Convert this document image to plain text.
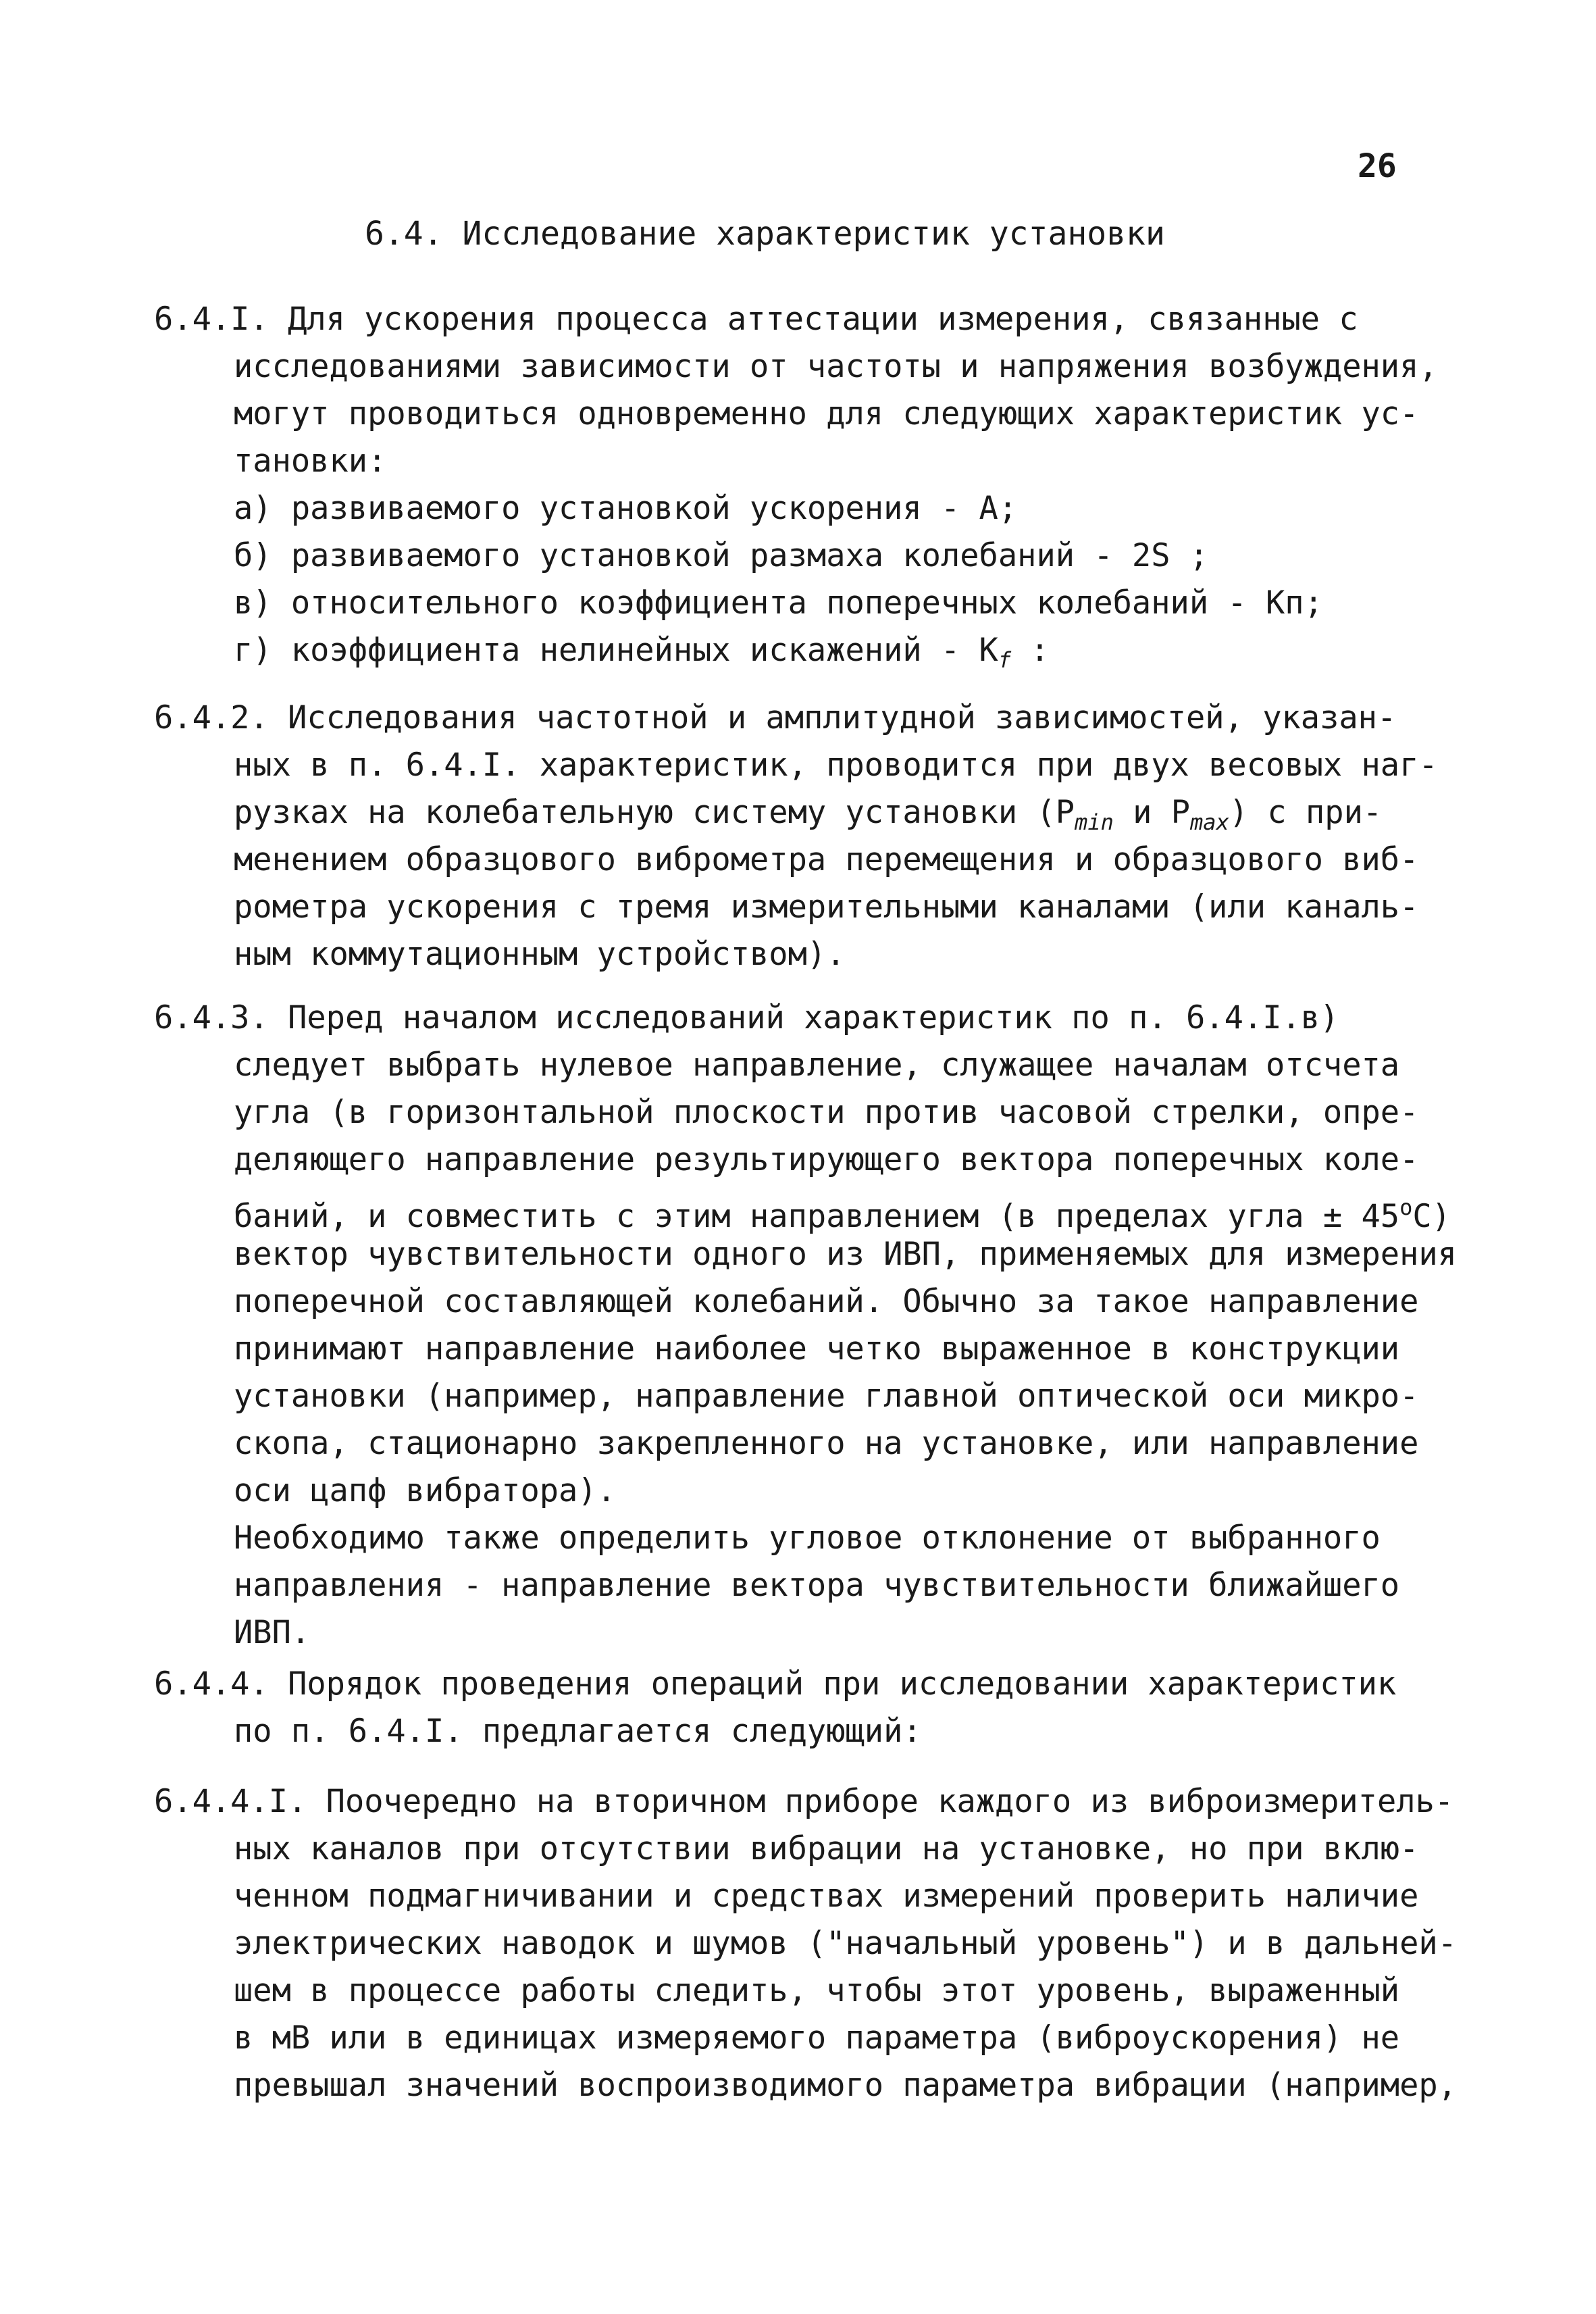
26
6.4. Исследование характеристик установки
6.4.I. Для ускорения процесса аттестации измерения, связанные с
исследованиями зависимости от частоты и напряжения возбуждения,
могут проводиться одновременно для следующих характеристик ус-
тановки:
а) развиваемого установкой ускорения - А;
б) развиваемого установкой размаха колебаний - 2S ;
в) относительного коэффициента поперечных колебаний - Кп;
г) коэффициента нелинейных искажений - $К_f$ :
6.4.2. Исследования частотной и амплитудной зависимостей, указан-
ных в п. 6.4.I. характеристик, проводится при двух весовых наг-
рузках на колебательную систему установки ($Р_{min}$ и $Р_{max}$) с при-
менением образцового виброметра перемещения и образцового виб-
рометра ускорения с тремя измерительными каналами (или каналь-
ным коммутационным устройством).
6.4.3. Перед началом исследований характеристик по п. 6.4.I.в)
следует выбрать нулевое направление, служащее началам отсчета
угла (в горизонтальной плоскости против часовой стрелки, опре-
деляющего направление результирующего вектора поперечных коле-
баний, и совместить с этим направлением (в пределах угла ± $45^оС$)
вектор чувствительности одного из ИВП, применяемых для измерения
поперечной составляющей колебаний. Обычно за такое направление
принимают направление наиболее четко выраженное в конструкции
установки (например, направление главной оптической оси микро-
скопа, стационарно закрепленного на установке, или направление
оси цапф вибратора).
Необходимо также определить угловое отклонение от выбранного
направления - направление вектора чувствительности ближайшего
ИВП.
6.4.4. Порядок проведения операций при исследовании характеристик
по п. 6.4.I. предлагается следующий:
6.4.4.I. Поочередно на вторичном приборе каждого из виброизмеритель-
ных каналов при отсутствии вибрации на установке, но при вклю-
ченном подмагничивании и средствах измерений проверить наличие
электрических наводок и шумов ("начальный уровень") и в дальней-
шем в процессе работы следить, чтобы этот уровень, выраженный
в мВ или в единицах измеряемого параметра (виброускорения) не
превышал значений воспроизводимого параметра вибрации (например,
